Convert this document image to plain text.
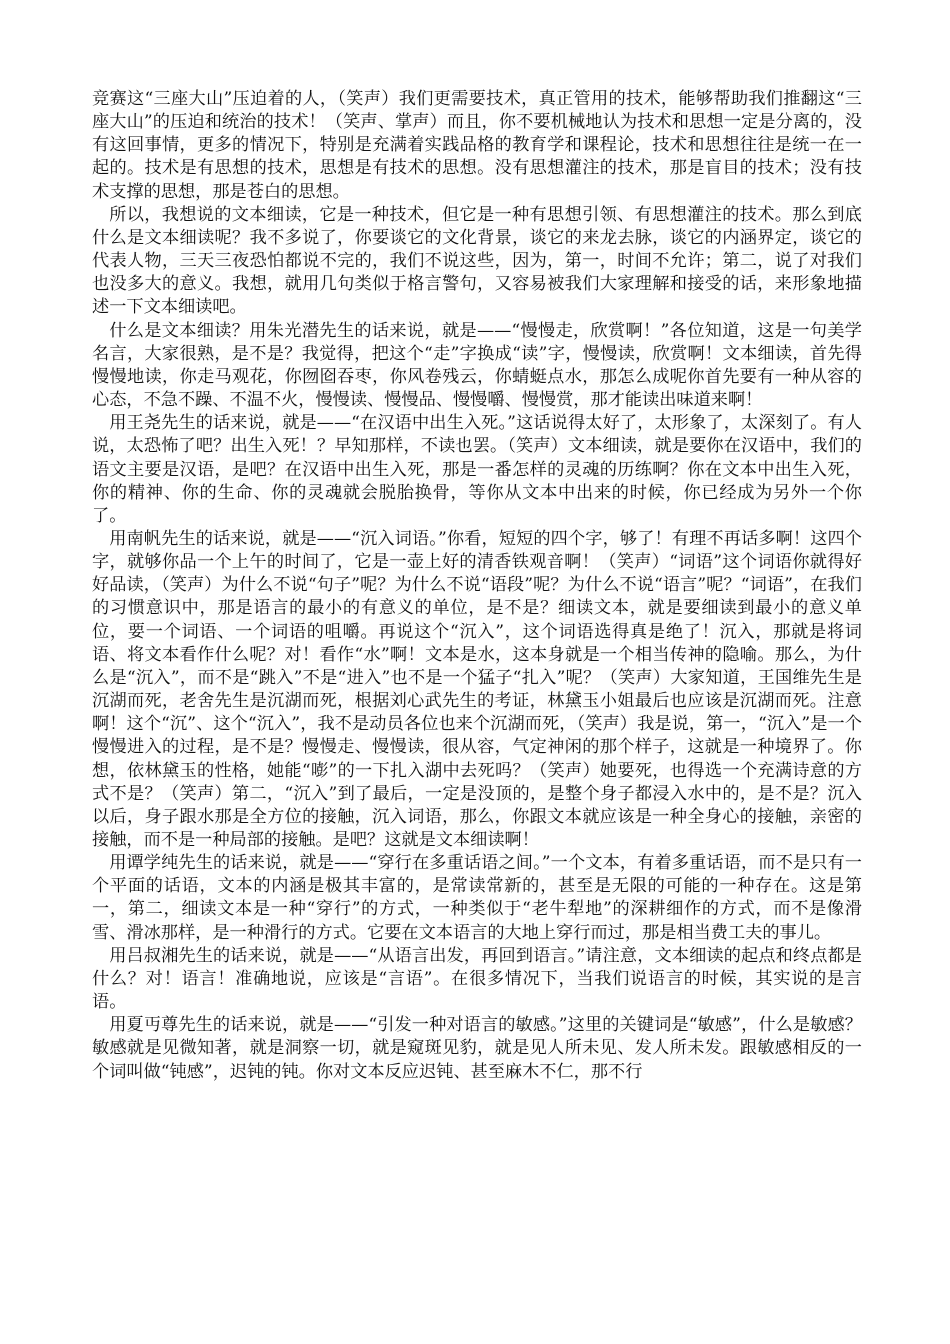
竞赛这“三座大山”压迫着的人，（笑声）我们更需要技术，真正管用的技术，能够帮助我们推翻这“三座大山”的压迫和统治的技术！（笑声、掌声）而且，你不要机械地认为技术和思想一定是分离的，没有这回事情，更多的情况下，特别是充满着实践品格的教育学和课程论，技术和思想往往是统一在一起的。技术是有思想的技术，思想是有技术的思想。没有思想灌注的技术，那是盲目的技术；没有技术支撑的思想，那是苍白的思想。

所以，我想说的文本细读，它是一种技术，但它是一种有思想引领、有思想灌注的技术。那么到底什么是文本细读呢？我不多说了，你要谈它的文化背景，谈它的来龙去脉，谈它的内涵界定，谈它的代表人物，三天三夜恐怕都说不完的，我们不说这些，因为，第一，时间不允许；第二，说了对我们也没多大的意义。我想，就用几句类似于格言警句，又容易被我们大家理解和接受的话，来形象地描述一下文本细读吧。

什么是文本细读？用朱光潜先生的话来说，就是——“慢慢走，欣赏啊！”各位知道，这是一句美学名言，大家很熟，是不是？我觉得，把这个“走”字换成“读”字，慢慢读，欣赏啊！文本细读，首先得慢慢地读，你走马观花，你囫囵吞枣，你风卷残云，你蜻蜓点水，那怎么成呢你首先要有一种从容的心态，不急不躁、不温不火，慢慢读、慢慢品、慢慢嚼、慢慢赏，那才能读出味道来啊！

用王尧先生的话来说，就是——“在汉语中出生入死。”这话说得太好了，太形象了，太深刻了。有人说，太恐怖了吧？出生入死！？早知那样，不读也罢。（笑声）文本细读，就是要你在汉语中，我们的语文主要是汉语，是吧？在汉语中出生入死，那是一番怎样的灵魂的历练啊？你在文本中出生入死，你的精神、你的生命、你的灵魂就会脱胎换骨，等你从文本中出来的时候，你已经成为另外一个你了。

用南帆先生的话来说，就是——“沉入词语。”你看，短短的四个字，够了！有理不再话多啊！这四个字，就够你品一个上午的时间了，它是一壶上好的清香铁观音啊！（笑声）“词语”这个词语你就得好好品读，（笑声）为什么不说“句子”呢？为什么不说“语段”呢？为什么不说“语言”呢？“词语”，在我们的习惯意识中，那是语言的最小的有意义的单位，是不是？细读文本，就是要细读到最小的意义单位，要一个词语、一个词语的咀嚼。再说这个“沉入”，这个词语选得真是绝了！沉入，那就是将词语、将文本看作什么呢？对！看作“水”啊！文本是水，这本身就是一个相当传神的隐喻。那么，为什么是“沉入”，而不是“跳入”不是“进入”也不是一个猛子“扎入”呢？（笑声）大家知道，王国维先生是沉湖而死，老舍先生是沉湖而死，根据刘心武先生的考证，林黛玉小姐最后也应该是沉湖而死。注意啊！这个“沉”、这个“沉入”，我不是动员各位也来个沉湖而死，（笑声）我是说，第一，“沉入”是一个慢慢进入的过程，是不是？慢慢走、慢慢读，很从容，气定神闲的那个样子，这就是一种境界了。你想，依林黛玉的性格，她能“嘭”的一下扎入湖中去死吗？（笑声）她要死，也得选一个充满诗意的方式不是？（笑声）第二，“沉入”到了最后，一定是没顶的，是整个身子都浸入水中的，是不是？沉入以后，身子跟水那是全方位的接触，沉入词语，那么，你跟文本就应该是一种全身心的接触，亲密的接触，而不是一种局部的接触。是吧？这就是文本细读啊！

用谭学纯先生的话来说，就是——“穿行在多重话语之间。”一个文本，有着多重话语，而不是只有一个平面的话语，文本的内涵是极其丰富的，是常读常新的，甚至是无限的可能的一种存在。这是第一，第二，细读文本是一种“穿行”的方式，一种类似于“老牛犁地”的深耕细作的方式，而不是像滑雪、滑冰那样，是一种滑行的方式。它要在文本语言的大地上穿行而过，那是相当费工夫的事儿。

用吕叔湘先生的话来说，就是——“从语言出发，再回到语言。”请注意，文本细读的起点和终点都是什么？对！语言！准确地说，应该是“言语”。在很多情况下，当我们说语言的时候，其实说的是言语。

用夏丏尊先生的话来说，就是——“引发一种对语言的敏感。”这里的关键词是“敏感”，什么是敏感？敏感就是见微知著，就是洞察一切，就是窥斑见豹，就是见人所未见、发人所未发。跟敏感相反的一个词叫做“钝感”，迟钝的钝。你对文本反应迟钝、甚至麻木不仁，那不行
